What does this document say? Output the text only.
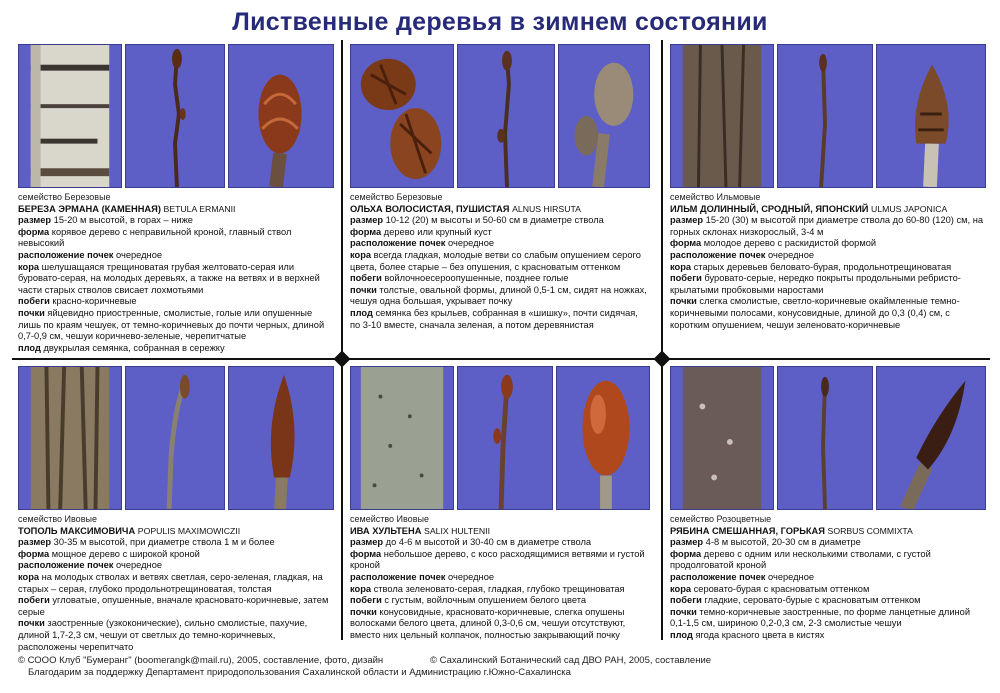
Лиственные деревья в зимнем состоянии

семейство Березовые

БЕРЕЗА ЭРМАНА (КАМЕННАЯ) BETULA ERMANII

размер 15-20 м высотой, в горах – ниже

форма корявое дерево с неправильной кроной, главный ствол невысокий

расположение почек очередное

кора шелушащаяся трещиноватая грубая желтовато-серая или буровато-серая, на молодых деревьях, а также на ветвях и в верхней части старых стволов свисает лохмотьями

побеги красно-коричневые

почки яйцевидно приостренные, смолистые, голые или опушенные лишь по краям чешуек, от темно-коричневых до почти черных, длиной 0,7-0,9 см, чешуи коричнево-зеленые, черепитчатые

плод двукрылая семянка, собранная в сережку

семейство Березовые

ОЛЬХА ВОЛОСИСТАЯ, ПУШИСТАЯ ALNUS HIRSUTA

размер 10-12 (20) м высоты и 50-60 см в диаметре ствола

форма дерево или крупный куст

расположение почек очередное

кора всегда гладкая, молодые ветви со слабым опушением серого цвета, более старые – без опушения, с красноватым оттенком

побеги войлочноесероопушенные, позднее голые

почки толстые, овальной формы, длиной 0,5-1 см, сидят на ножках, чешуя одна большая, укрывает почку

плод семянка без крыльев, собранная в «шишку», почти сидячая, по 3-10 вместе, сначала зеленая, а потом деревянистая

семейство Ильмовые

ИЛЬМ ДОЛИННЫЙ, СРОДНЫЙ, ЯПОНСКИЙ ULMUS JAPONICA

размер 15-20 (30) м высотой при диаметре ствола до 60-80 (120) см, на горных склонах низкорослый, 3-4 м

форма молодое дерево с раскидистой формой

расположение почек очередное

кора старых деревьев беловато-бурая, продольнотрещиноватая

побеги буровато-серые, нередко покрыты продольными ребристо-крылатыми пробковыми наростами

почки слегка смолистые, светло-коричневые окаймленные темно-коричневыми полосами, конусовидные, длиной до 0,3 (0,4) см, с коротким опушением, чешуи зеленовато-коричневые

семейство Ивовые

ТОПОЛЬ МАКСИМОВИЧА POPULIS MAXIMOWICZII

размер 30-35 м высотой, при диаметре ствола 1 м и более

форма мощное дерево с широкой кроной

расположение почек очередное

кора на молодых стволах и ветвях светлая, серо-зеленая, гладкая, на старых – серая, глубоко продольнотрещиноватая, толстая

побеги угловатые, опушенные, вначале красновато-коричневые, затем серые

почки заостренные (узкоконические), сильно смолистые, пахучие, длиной 1,7-2,3 см, чешуи от светлых до темно-коричневых, расположены черепитчато

семейство Ивовые

ИВА ХУЛЬТЕНА SALIX HULTENII

размер до 4-6 м высотой и 30-40 см в диаметре ствола

форма небольшое дерево, с косо расходящимися ветвями и густой кроной

расположение почек очередное

кора ствола зеленовато-серая, гладкая, глубоко трещиноватая

побеги с густым, войлочным опушением белого цвета

почки конусовидные, красновато-коричневые, слегка опушены волосками белого цвета, длиной 0,3-0,6 см, чешуи отсутствуют, вместо них цельный колпачок, полностью закрывающий почку

семейство Розоцветные

РЯБИНА СМЕШАННАЯ, ГОРЬКАЯ SORBUS COMMIXTA

размер 4-8 м высотой, 20-30 см в диаметре

форма дерево с одним или несколькими стволами, с густой продолговатой кроной

расположение почек очередное

кора серовато-бурая с красноватым оттенком

побеги гладкие, серовато-бурые с красноватым оттенком

почки темно-коричневые заостренные, по форме ланцетные длиной 0,1-1,5 см, шириною 0,2-0,3 см, 2-3 смолистые чешуи

плод ягода красного цвета в кистях

© СООО Клуб "Бумеранг" (boomerangk@mail.ru), 2005, составление, фото, дизайн	© Сахалинский Ботанический сад ДВО РАН, 2005, составление
Благодарим за поддержку Департамент природопользования Сахалинской области и Администрацию г.Южно-Сахалинска
